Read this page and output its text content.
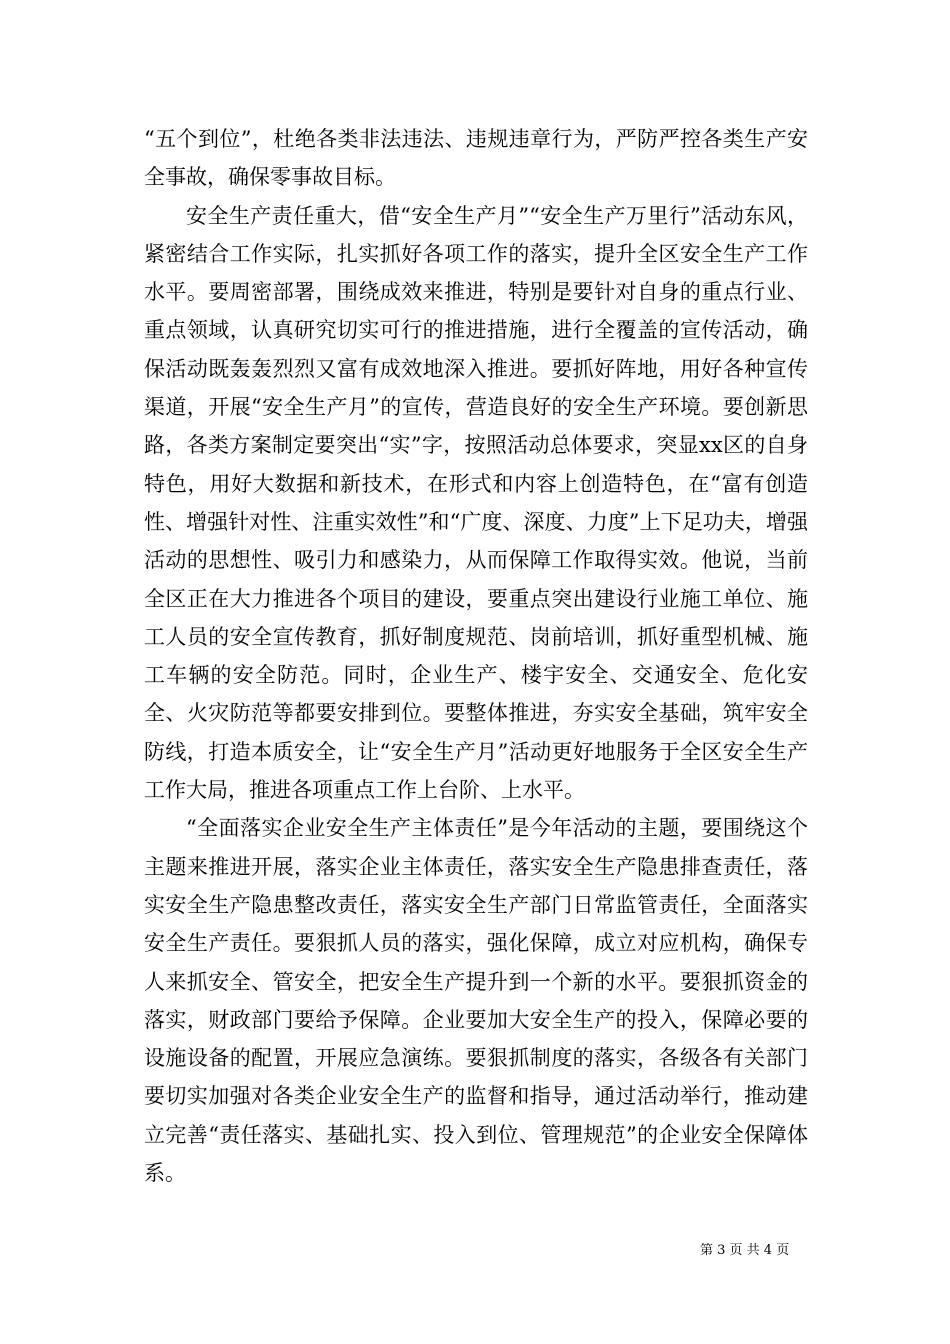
“五个到位”，杜绝各类非法违法、违规违章行为，严防严控各类生产安全事故，确保零事故目标。

安全生产责任重大，借“安全生产月”“安全生产万里行”活动东风，紧密结合工作实际，扎实抓好各项工作的落实，提升全区安全生产工作水平。要周密部署，围绕成效来推进，特别是要针对自身的重点行业、重点领域，认真研究切实可行的推进措施，进行全覆盖的宣传活动，确保活动既轰轰烈烈又富有成效地深入推进。要抓好阵地，用好各种宣传渠道，开展“安全生产月”的宣传，营造良好的安全生产环境。要创新思路，各类方案制定要突出“实”字，按照活动总体要求，突显xx区的自身特色，用好大数据和新技术，在形式和内容上创造特色，在“富有创造性、增强针对性、注重实效性”和“广度、深度、力度”上下足功夫，增强活动的思想性、吸引力和感染力，从而保障工作取得实效。他说，当前全区正在大力推进各个项目的建设，要重点突出建设行业施工单位、施工人员的安全宣传教育，抓好制度规范、岗前培训，抓好重型机械、施工车辆的安全防范。同时，企业生产、楼宇安全、交通安全、危化安全、火灾防范等都要安排到位。要整体推进，夯实安全基础，筑牢安全防线，打造本质安全，让“安全生产月”活动更好地服务于全区安全生产工作大局，推进各项重点工作上台阶、上水平。

“全面落实企业安全生产主体责任”是今年活动的主题，要围绕这个主题来推进开展，落实企业主体责任，落实安全生产隐患排查责任，落实安全生产隐患整改责任，落实安全生产部门日常监管责任，全面落实安全生产责任。要狠抓人员的落实，强化保障，成立对应机构，确保专人来抓安全、管安全，把安全生产提升到一个新的水平。要狠抓资金的落实，财政部门要给予保障。企业要加大安全生产的投入，保障必要的设施设备的配置，开展应急演练。要狠抓制度的落实，各级各有关部门要切实加强对各类企业安全生产的监督和指导，通过活动举行，推动建立完善“责任落实、基础扎实、投入到位、管理规范”的企业安全保障体系。

第 3 页 共 4 页
